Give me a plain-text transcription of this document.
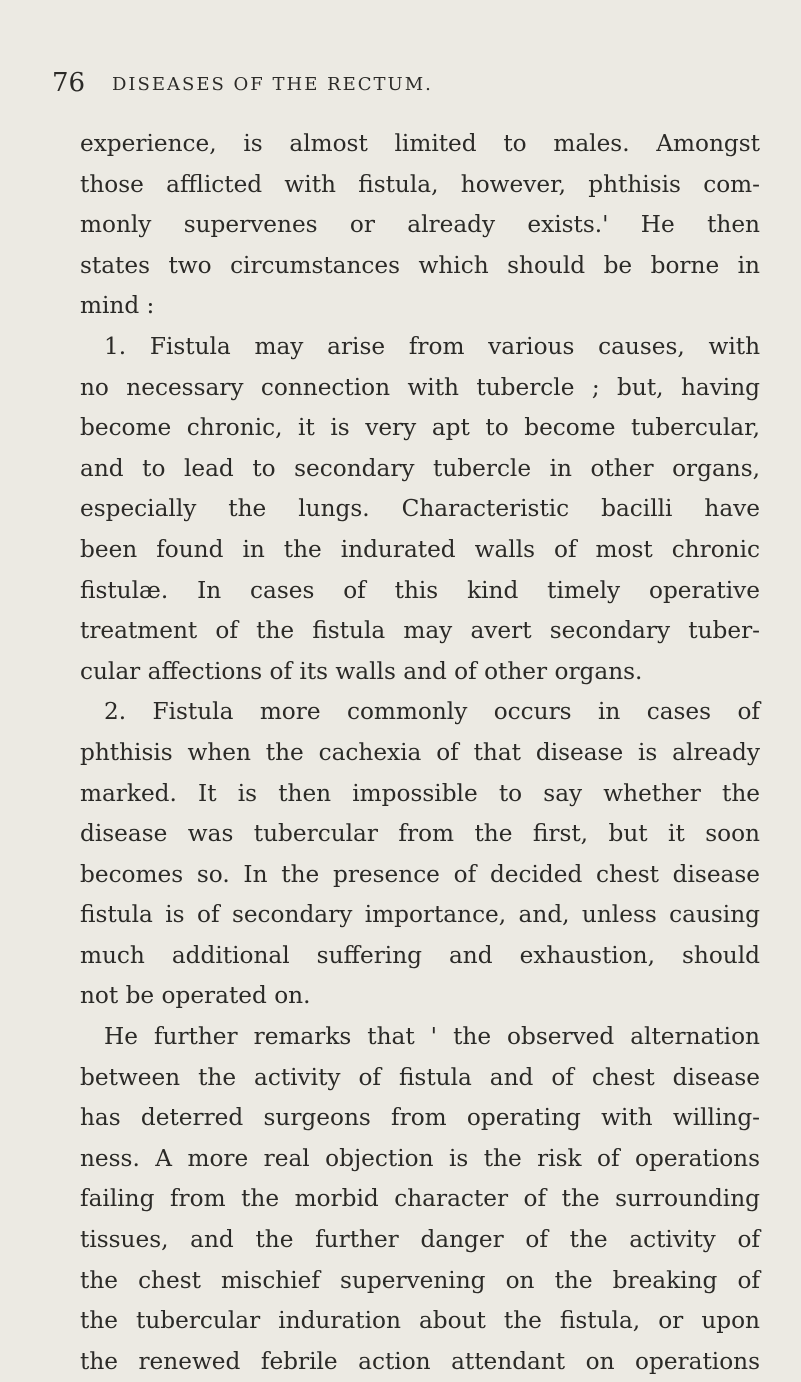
76 DISEASES OF THE RECTUM.
experience, is almost limited to males. Amongst
those afflicted with fistula, however, phthisis com-
monly supervenes or already exists.' He then
states two circumstances which should be borne in
mind :
1. Fistula may arise from various causes, with
no necessary connection with tubercle ; but, having
become chronic, it is very apt to become tubercular,
and to lead to secondary tubercle in other organs,
especially the lungs. Characteristic bacilli have
been found in the indurated walls of most chronic
fistulæ. In cases of this kind timely operative
treatment of the fistula may avert secondary tuber-
cular affections of its walls and of other organs.
2. Fistula more commonly occurs in cases of
phthisis when the cachexia of that disease is already
marked. It is then impossible to say whether the
disease was tubercular from the first, but it soon
becomes so. In the presence of decided chest disease
fistula is of secondary importance, and, unless causing
much additional suffering and exhaustion, should
not be operated on.
He further remarks that ' the observed alternation
between the activity of fistula and of chest disease
has deterred surgeons from operating with willing-
ness. A more real objection is the risk of operations
failing from the morbid character of the surrounding
tissues, and the further danger of the activity of
the chest mischief supervening on the breaking of
the tubercular induration about the fistula, or upon
the renewed febrile action attendant on operations
